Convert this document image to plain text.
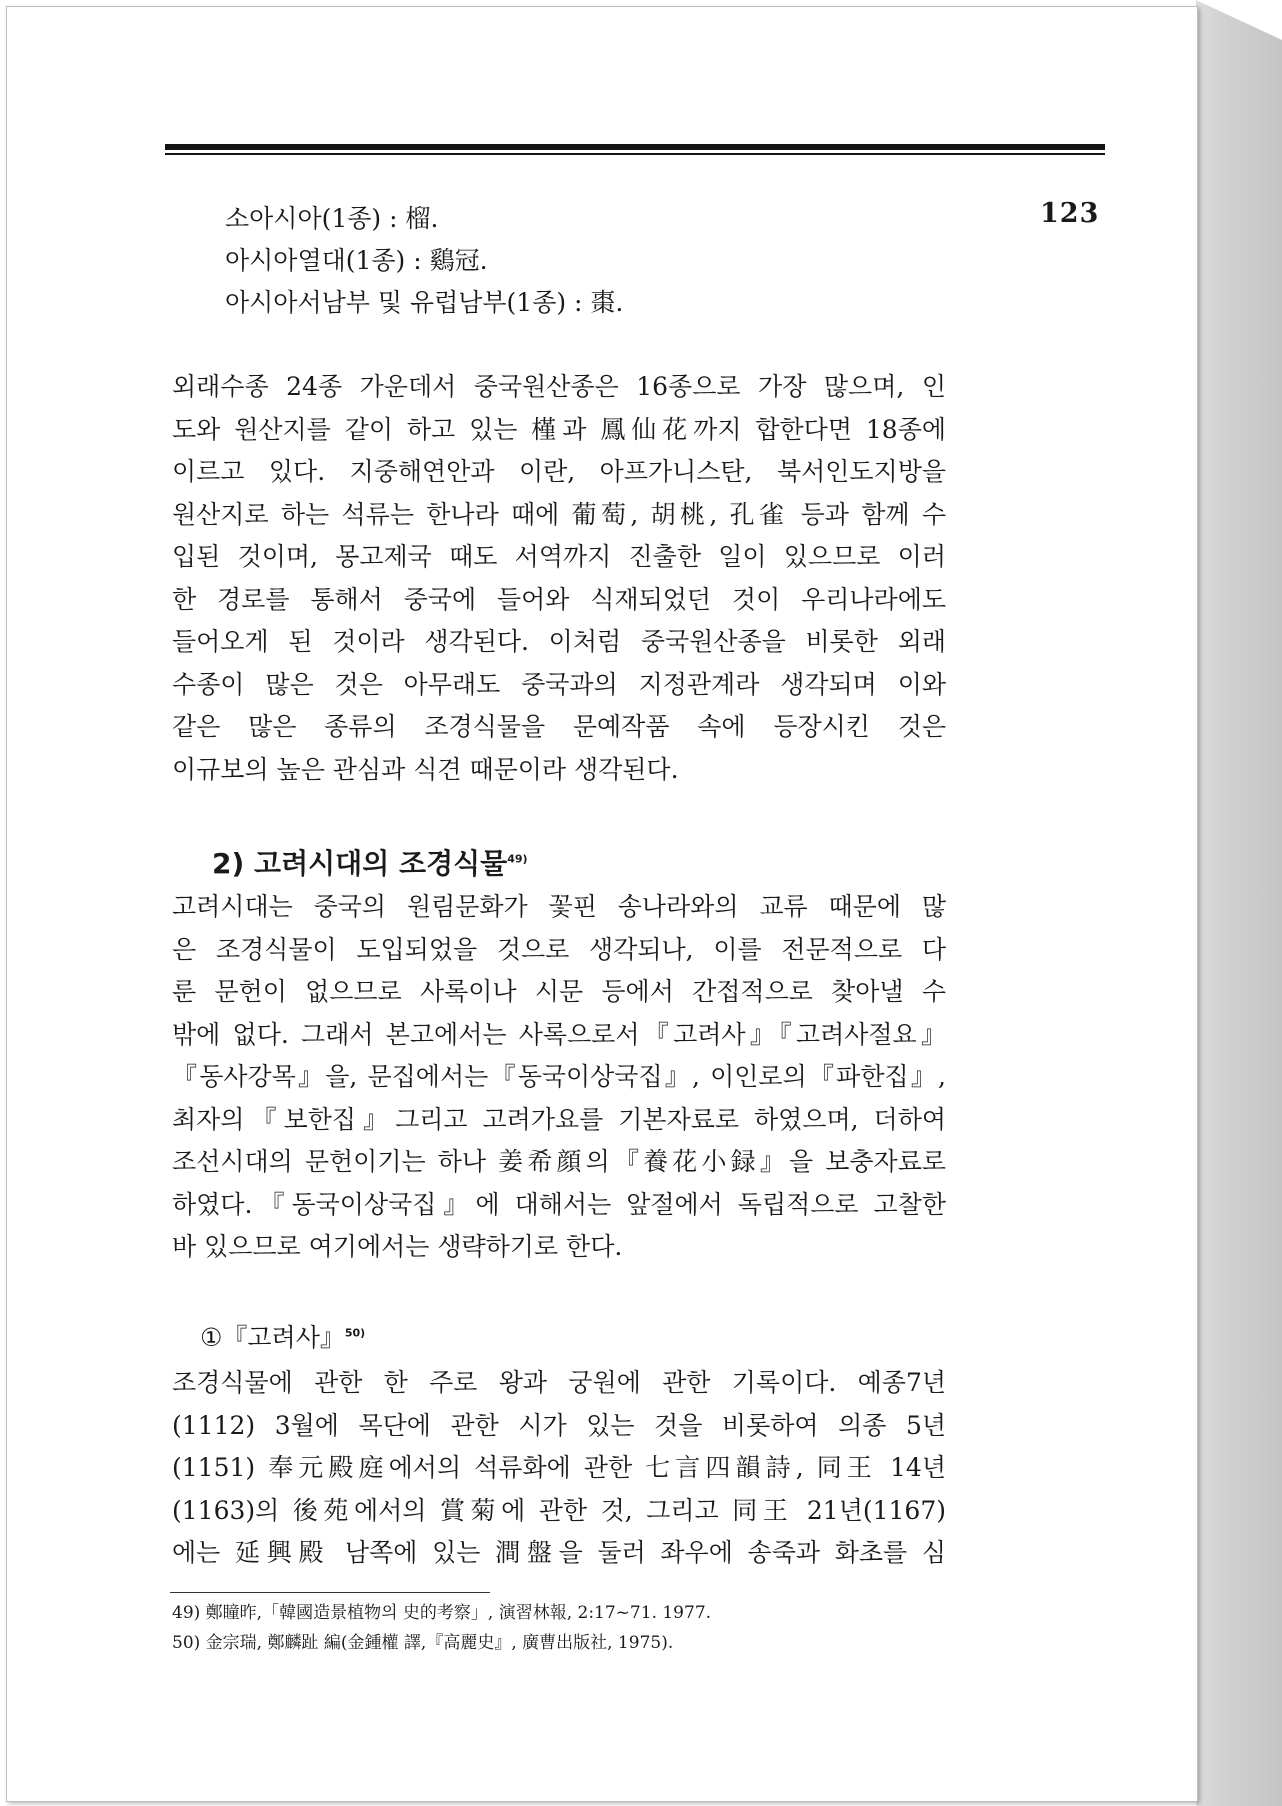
123
소아시아(1종) : 榴.
아시아열대(1종) : 鷄冠.
아시아서남부 및 유럽남부(1종) : 棗.
외래수종 24종 가운데서 중국원산종은 16종으로 가장 많으며, 인
도와 원산지를 같이 하고 있는 槿과 鳳仙花까지 합한다면 18종에
이르고 있다. 지중해연안과 이란, 아프가니스탄, 북서인도지방을
원산지로 하는 석류는 한나라 때에 葡萄, 胡桃, 孔雀 등과 함께 수
입된 것이며, 몽고제국 때도 서역까지 진출한 일이 있으므로 이러
한 경로를 통해서 중국에 들어와 식재되었던 것이 우리나라에도
들어오게 된 것이라 생각된다. 이처럼 중국원산종을 비롯한 외래
수종이 많은 것은 아무래도 중국과의 지정관계라 생각되며 이와
같은 많은 종류의 조경식물을 문예작품 속에 등장시킨 것은
이규보의 높은 관심과 식견 때문이라 생각된다.
2) 고려시대의 조경식물$^{49)}$
고려시대는 중국의 원림문화가 꽃핀 송나라와의 교류 때문에 많
은 조경식물이 도입되었을 것으로 생각되나, 이를 전문적으로 다
룬 문헌이 없으므로 사록이나 시문 등에서 간접적으로 찾아낼 수
밖에 없다. 그래서 본고에서는 사록으로서『고려사』『고려사절요』
『동사강목』을, 문집에서는『동국이상국집』, 이인로의『파한집』,
최자의『보한집』그리고 고려가요를 기본자료로 하였으며, 더하여
조선시대의 문헌이기는 하나 姜希顔의『養花小録』을 보충자료로
하였다.『동국이상국집』에 대해서는 앞절에서 독립적으로 고찰한
바 있으므로 여기에서는 생략하기로 한다.
①『고려사』$^{50)}$
조경식물에 관한 한 주로 왕과 궁원에 관한 기록이다. 예종7년
(1112) 3월에 목단에 관한 시가 있는 것을 비롯하여 의종 5년
(1151) 奉元殿庭에서의 석류화에 관한 七言四韻詩, 同王 14년
(1163)의 後苑에서의 賞菊에 관한 것, 그리고 同王 21년(1167)
에는 延興殿 남쪽에 있는 澗盤을 둘러 좌우에 송죽과 화초를 심
49) 鄭瞳昨,「韓國造景植物의 史的考察」, 演習林報, 2:17~71. 1977.
50) 金宗瑞, 鄭麟趾 編(金鍾權 譯,『高麗史』, 廣曹出版社, 1975).
